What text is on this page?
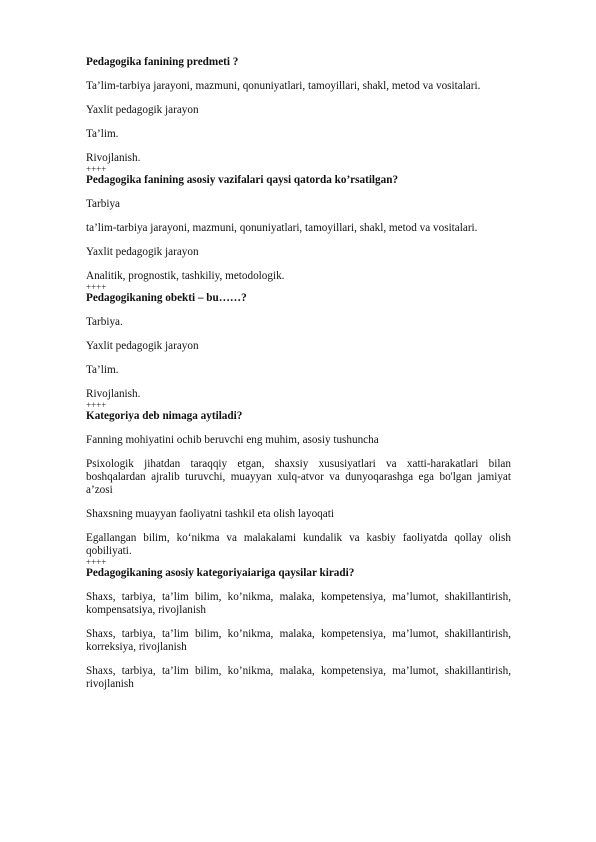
Pedagogika fanining predmeti ?

Ta’lim-tarbiya jarayoni, mazmuni, qonuniyatlari, tamoyillari, shakl, metod va vositalari.

Yaxlit pedagogik jarayon

Ta’lim.

Rivojlanish.

++++

Pedagogika fanining asosiy vazifalari qaysi qatorda ko’rsatilgan?

Tarbiya

ta’lim-tarbiya jarayoni, mazmuni, qonuniyatlari, tamoyillari, shakl, metod va vositalari.

Yaxlit pedagogik jarayon

Analitik, prognostik, tashkiliy, metodologik.

++++

Pedagogikaning obekti – bu……?

Tarbiya.

Yaxlit pedagogik jarayon

Ta’lim.

Rivojlanish.

++++

Kategoriya deb nimaga aytiladi?

Fanning mohiyatini ochib beruvchi eng muhim, asosiy tushuncha

Psixologik jihatdan taraqqiy etgan, shaxsiy xususiyatlari va xatti-harakatlari bilan boshqalardan ajralib turuvchi, muayyan xulq-atvor va dunyoqarashga ega bo'lgan jamiyat a’zosi

Shaxsning muayyan faoliyatni tashkil eta olish layoqati

Egallangan bilim, ko‘nikma va malakalami kundalik va kasbiy faoliyatda qollay olish qobiliyati.

++++

Pedagogikaning asosiy kategoriyaiariga qaysilar kiradi?

Shaxs, tarbiya, ta’lim bilim, ko’nikma, malaka, kompetensiya, ma’lumot, shakillantirish, kompensatsiya, rivojlanish

Shaxs, tarbiya, ta’lim bilim, ko’nikma, malaka, kompetensiya, ma’lumot, shakillantirish, korreksiya, rivojlanish

Shaxs, tarbiya, ta’lim bilim, ko’nikma, malaka, kompetensiya, ma’lumot, shakillantirish, rivojlanish
